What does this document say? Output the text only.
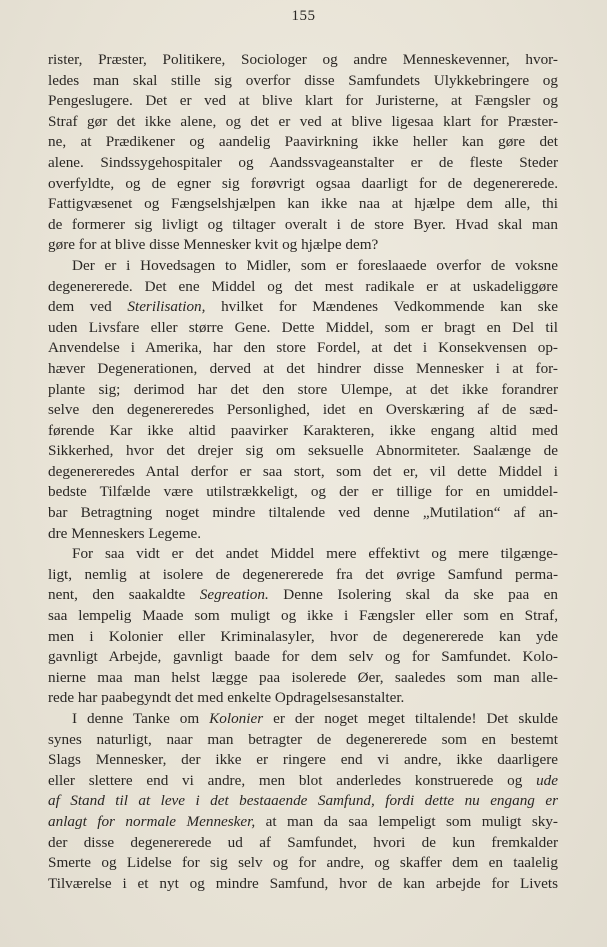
155
rister, Præster, Politikere, Sociologer og andre Menneskevenner, hvor-
ledes man skal stille sig overfor disse Samfundets Ulykkebringere og
Pengeslugere. Det er ved at blive klart for Juristerne, at Fængsler og
Straf gør det ikke alene, og det er ved at blive ligesaa klart for Præster-
ne, at Prædikener og aandelig Paavirkning ikke heller kan gøre det
alene. Sindssygehospitaler og Aandssvageanstalter er de fleste Steder
overfyldte, og de egner sig forøvrigt ogsaa daarligt for de degenererede.
Fattigvæsenet og Fængselshjælpen kan ikke naa at hjælpe dem alle, thi
de formerer sig livligt og tiltager overalt i de store Byer. Hvad skal man
gøre for at blive disse Mennesker kvit og hjælpe dem?
Der er i Hovedsagen to Midler, som er foreslaaede overfor de voksne
degenererede. Det ene Middel og det mest radikale er at uskadeliggøre
dem ved Sterilisation, hvilket for Mændenes Vedkommende kan ske
uden Livsfare eller større Gene. Dette Middel, som er bragt en Del til
Anvendelse i Amerika, har den store Fordel, at det i Konsekvensen op-
hæver Degenerationen, derved at det hindrer disse Mennesker i at for-
plante sig; derimod har det den store Ulempe, at det ikke forandrer
selve den degenereredes Personlighed, idet en Overskæring af de sæd-
førende Kar ikke altid paavirker Karakteren, ikke engang altid med
Sikkerhed, hvor det drejer sig om seksuelle Abnormiteter. Saalænge de
degenereredes Antal derfor er saa stort, som det er, vil dette Middel i
bedste Tilfælde være utilstrækkeligt, og der er tillige for en umiddel-
bar Betragtning noget mindre tiltalende ved denne „Mutilation“ af an-
dre Menneskers Legeme.
For saa vidt er det andet Middel mere effektivt og mere tilgænge-
ligt, nemlig at isolere de degenererede fra det øvrige Samfund perma-
nent, den saakaldte Segreation. Denne Isolering skal da ske paa en
saa lempelig Maade som muligt og ikke i Fængsler eller som en Straf,
men i Kolonier eller Kriminalasyler, hvor de degenererede kan yde
gavnligt Arbejde, gavnligt baade for dem selv og for Samfundet. Kolo-
nierne maa man helst lægge paa isolerede Øer, saaledes som man alle-
rede har paabegyndt det med enkelte Opdragelsesanstalter.
I denne Tanke om Kolonier er der noget meget tiltalende! Det skulde
synes naturligt, naar man betragter de degenererede som en bestemt
Slags Mennesker, der ikke er ringere end vi andre, ikke daarligere
eller slettere end vi andre, men blot anderledes konstruerede og ude
af Stand til at leve i det bestaaende Samfund, fordi dette nu engang er
anlagt for normale Mennesker, at man da saa lempeligt som muligt sky-
der disse degenererede ud af Samfundet, hvori de kun fremkalder
Smerte og Lidelse for sig selv og for andre, og skaffer dem en taalelig
Tilværelse i et nyt og mindre Samfund, hvor de kan arbejde for Livets
